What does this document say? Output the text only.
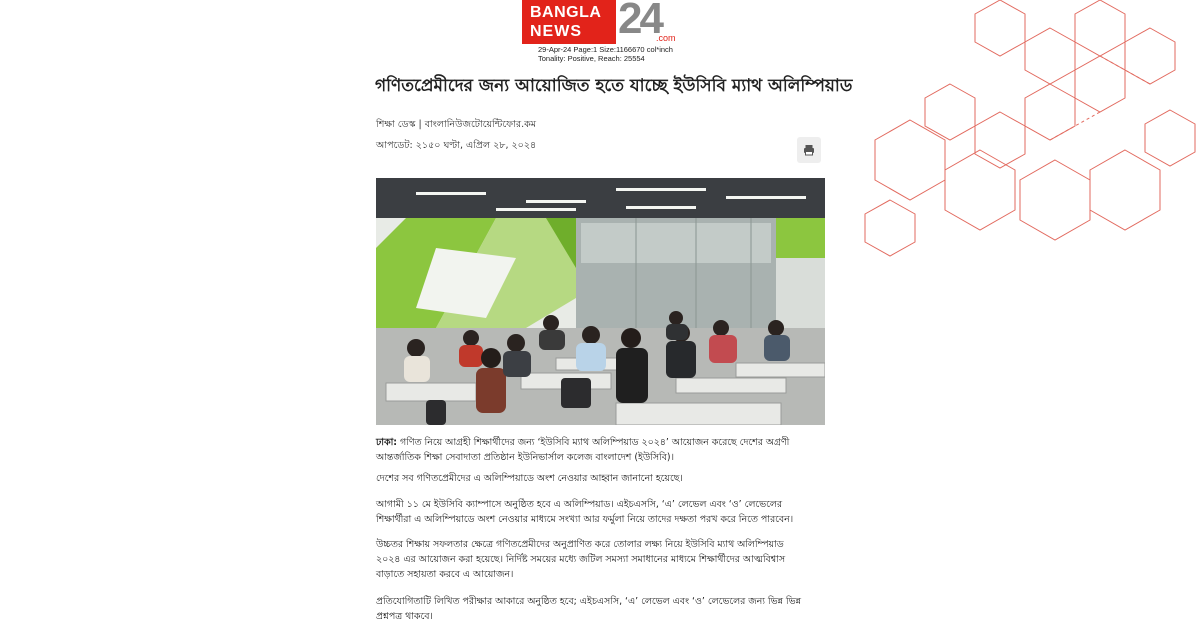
BANGLA
NEWS 24
.com
29-Apr-24 Page:1 Size:1166670 col*inch
Tonality: Positive, Reach: 25554
গণিতপ্রেমীদের জন্য আয়োজিত হতে যাচ্ছে ইউসিবি ম্যাথ অলিম্পিয়াড
শিক্ষা ডেস্ক | বাংলানিউজটোয়েন্টিফোর.কম
আপডেট: ২১৫০ ঘণ্টা, এপ্রিল ২৮, ২০২৪

ঢাকা: গণিত নিয়ে আগ্রহী শিক্ষার্থীদের জন্য ‘ইউসিবি ম্যাথ অলিম্পিয়াড ২০২৪’ আয়োজন করেছে দেশের অগ্রণী
আন্তর্জাতিক শিক্ষা সেবাদাতা প্রতিষ্ঠান ইউনিভার্সাল কলেজ বাংলাদেশ (ইউসিবি)।

দেশের সব গণিতপ্রেমীদের এ অলিম্পিয়াডে অংশ নেওয়ার আহ্বান জানানো হয়েছে।

আগামী ১১ মে ইউসিবি ক্যাম্পাসে অনুষ্ঠিত হবে এ অলিম্পিয়াড। এইচএসসি, ‘এ’ লেভেল এবং ‘ও’ লেভেলের
শিক্ষার্থীরা এ অলিম্পিয়াডে অংশ নেওয়ার মাধ্যমে সংখ্যা আর ফর্মুলা নিয়ে তাদের দক্ষতা পরখ করে নিতে পারবেন।

উচ্চতর শিক্ষায় সফলতার ক্ষেত্রে গণিতপ্রেমীদের অনুপ্রাণিত করে তোলার লক্ষ্য নিয়ে ইউসিবি ম্যাথ অলিম্পিয়াড
২০২৪ এর আয়োজন করা হয়েছে। নির্দিষ্ট সময়ের মধ্যে জটিল সমস্যা সমাধানের মাধ্যমে শিক্ষার্থীদের আত্মবিশ্বাস
বাড়াতে সহায়তা করবে এ আয়োজন।

প্রতিযোগিতাটি লিখিত পরীক্ষার আকারে অনুষ্ঠিত হবে; এইচএসসি, ‘এ’ লেভেল এবং ‘ও’ লেভেলের জন্য ভিন্ন ভিন্ন
প্রশ্নপত্র থাকবে।
